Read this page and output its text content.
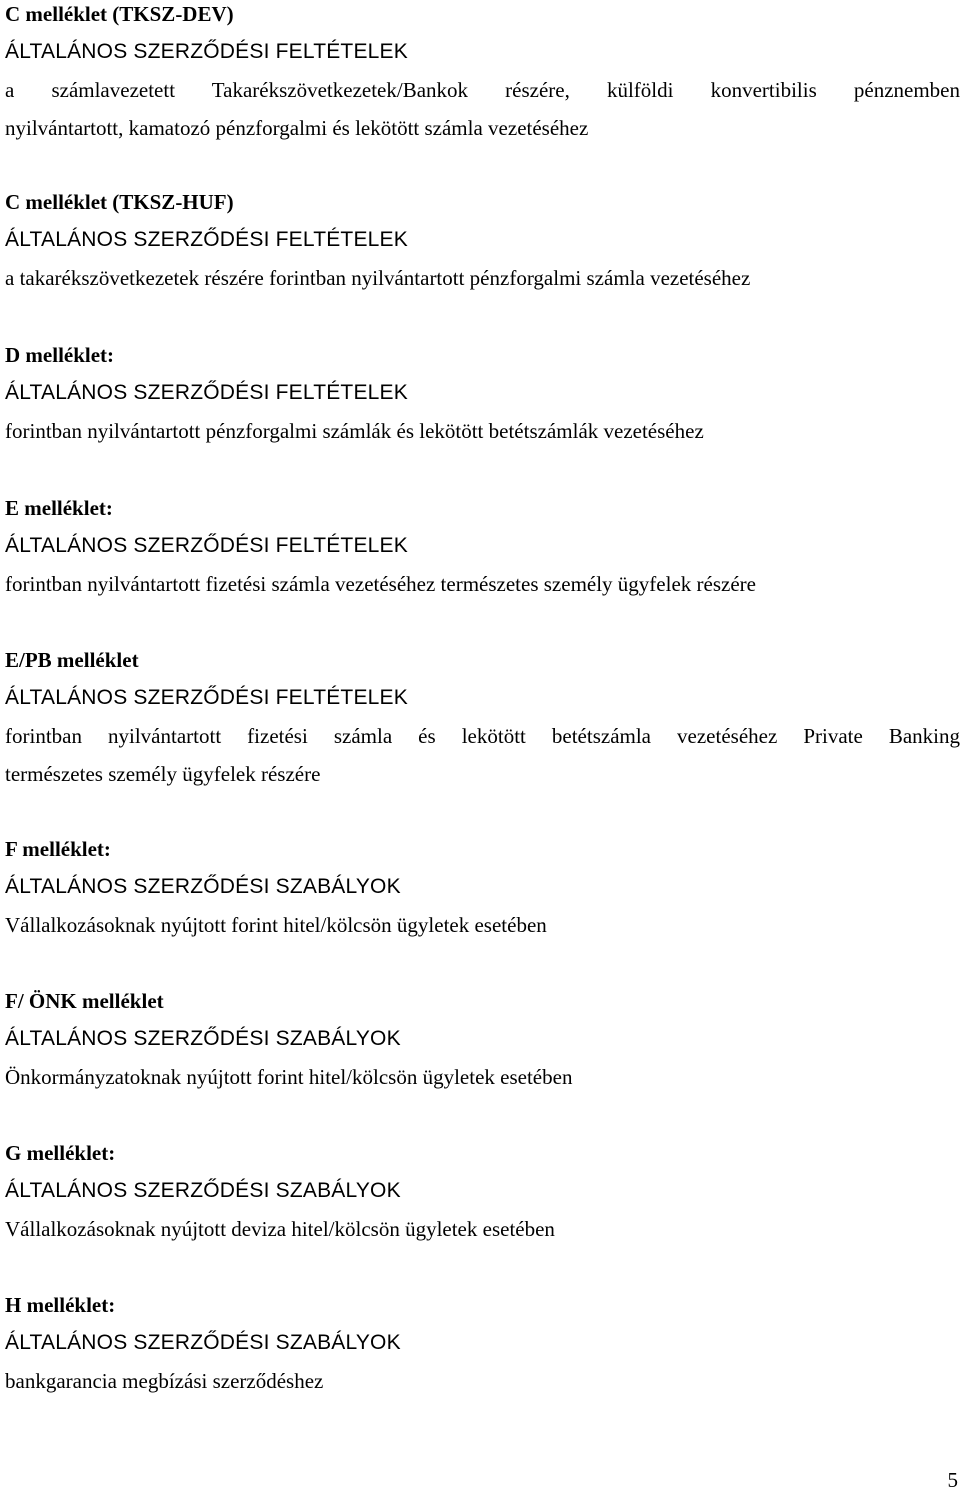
C melléklet (TKSZ-DEV)
ÁLTALÁNOS SZERZŐDÉSI FELTÉTELEK
a számlavezetett Takarékszövetkezetek/Bankok részére, külföldi konvertibilis pénznemben
nyilvántartott, kamatozó pénzforgalmi és lekötött számla vezetéséhez
C melléklet (TKSZ-HUF)
ÁLTALÁNOS SZERZŐDÉSI FELTÉTELEK
a takarékszövetkezetek részére forintban nyilvántartott pénzforgalmi számla vezetéséhez
D melléklet:
ÁLTALÁNOS SZERZŐDÉSI FELTÉTELEK
forintban nyilvántartott pénzforgalmi számlák és lekötött betétszámlák vezetéséhez
E melléklet:
ÁLTALÁNOS SZERZŐDÉSI FELTÉTELEK
forintban nyilvántartott fizetési számla vezetéséhez természetes személy ügyfelek részére
E/PB melléklet
ÁLTALÁNOS SZERZŐDÉSI FELTÉTELEK
forintban nyilvántartott fizetési számla és lekötött betétszámla vezetéséhez Private Banking
természetes személy ügyfelek részére
F melléklet:
ÁLTALÁNOS SZERZŐDÉSI SZABÁLYOK
Vállalkozásoknak nyújtott forint hitel/kölcsön ügyletek esetében
F/ ÖNK melléklet
ÁLTALÁNOS SZERZŐDÉSI SZABÁLYOK
Önkormányzatoknak nyújtott forint hitel/kölcsön ügyletek esetében
G melléklet:
ÁLTALÁNOS SZERZŐDÉSI SZABÁLYOK
Vállalkozásoknak nyújtott deviza hitel/kölcsön ügyletek esetében
H melléklet:
ÁLTALÁNOS SZERZŐDÉSI SZABÁLYOK
bankgarancia megbízási szerződéshez
5
